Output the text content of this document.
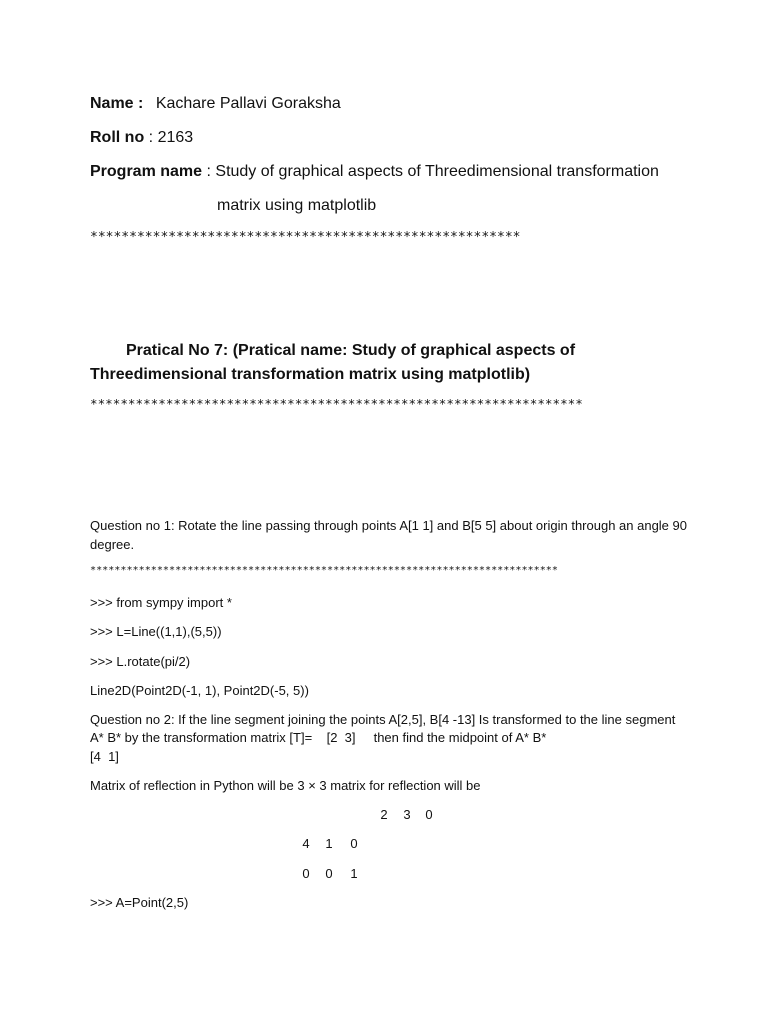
Name : Kachare Pallavi Goraksha
Roll no : 2163
Program name : Study of graphical aspects of Threedimensional transformation
matrix using matplotlib
*******************************************************
Pratical No 7: (Pratical name: Study of graphical aspects of
Threedimensional transformation matrix using matplotlib)
*****************************************************************
Question no 1: Rotate the line passing through points A[1 1] and B[5 5] about origin through an angle 90
degree.
*****************************************************************************
>>> from sympy import *
>>> L=Line((1,1),(5,5))
>>> L.rotate(pi/2)
Line2D(Point2D(-1, 1), Point2D(-5, 5))
Question no 2: If the line segment joining the points A[2,5], B[4 -13] Is transformed to the line segment
A* B* by the transformation matrix [T]=    [2  3]     then find the midpoint of A* B*
[4  1]
Matrix of reflection in Python will be 3 × 3 matrix for reflection will be
2	3	0
4	1	0
0	0	1
>>> A=Point(2,5)
